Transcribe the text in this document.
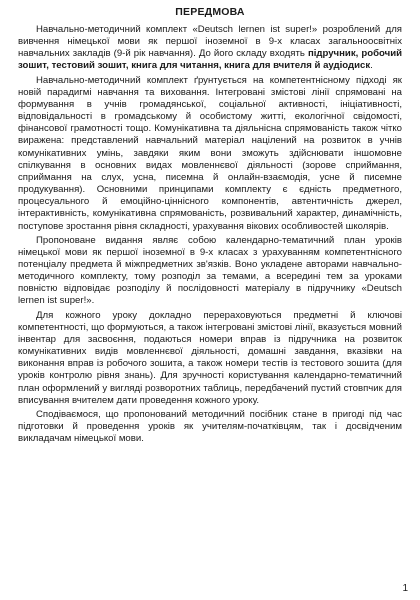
ПЕРЕДМОВА

Навчально-методичний комплект «Deutsch lernen ist super!» розроблений для вивчення німецької мови як першої іноземної в 9-х класах загальноосвітніх навчальних закладів (9-й рік навчання). До його складу входять підручник, робочий зошит, тестовий зошит, книга для читання, книга для вчителя й аудіодиск.

Навчально-методичний комплект ґрунтується на компетентнісному підході як новій парадигмі навчання та виховання. Інтегровані змістові лінії спрямовані на формування в учнів громадянської, соціальної активності, ініціативності, відповідальності в громадському й особистому житті, екологічної свідомості, фінансової грамотності тощо. Комунікативна та діяльнісна спрямованість також чітко виражена: представлений навчальний матеріал націлений на розвиток в учнів комунікативних умінь, завдяки яким вони зможуть здійснювати іншомовне спілкування в основних видах мовленнєвої діяльності (зорове сприймання, сприймання на слух, усна, писемна й онлайн-взаємодія, усне й писемне продукування). Основними принципами комплекту є єдність предметного, процесуального й емоційно-ціннісного компонентів, автентичність джерел, інтерактивність, комунікативна спрямованість, розвивальний характер, динамічність, поступове зростання рівня складності, урахування вікових особливостей школярів.

Пропоноване видання являє собою календарно-тематичний план уроків німецької мови як першої іноземної в 9-х класах з урахуванням компетентнісного потенціалу предмета й міжпредметних зв'язків. Воно укладене авторами навчально-методичного комплекту, тому розподіл за темами, а всередині тем за уроками повністю відповідає розподілу й послідовності матеріалу в підручнику «Deutsch lernen ist super!».

Для кожного уроку докладно перераховуються предметні й ключові компетентності, що формуються, а також інтегровані змістові лінії, вказується мовний інвентар для засвоєння, подаються номери вправ із підручника на розвиток комунікативних видів мовленнєвої діяльності, домашні завдання, вказівки на виконання вправ із робочого зошита, а також номери тестів із тестового зошита (для уроків контролю рівня знань). Для зручності користування календарно-тематичний план оформлений у вигляді розворотних таблиць, передбачений пустий стовпчик для вписування вчителем дати проведення кожного уроку.

Сподіваємося, що пропонований методичний посібник стане в пригоді під час підготовки й проведення уроків як учителям-початківцям, так і досвідченим викладачам німецької мови.

1
